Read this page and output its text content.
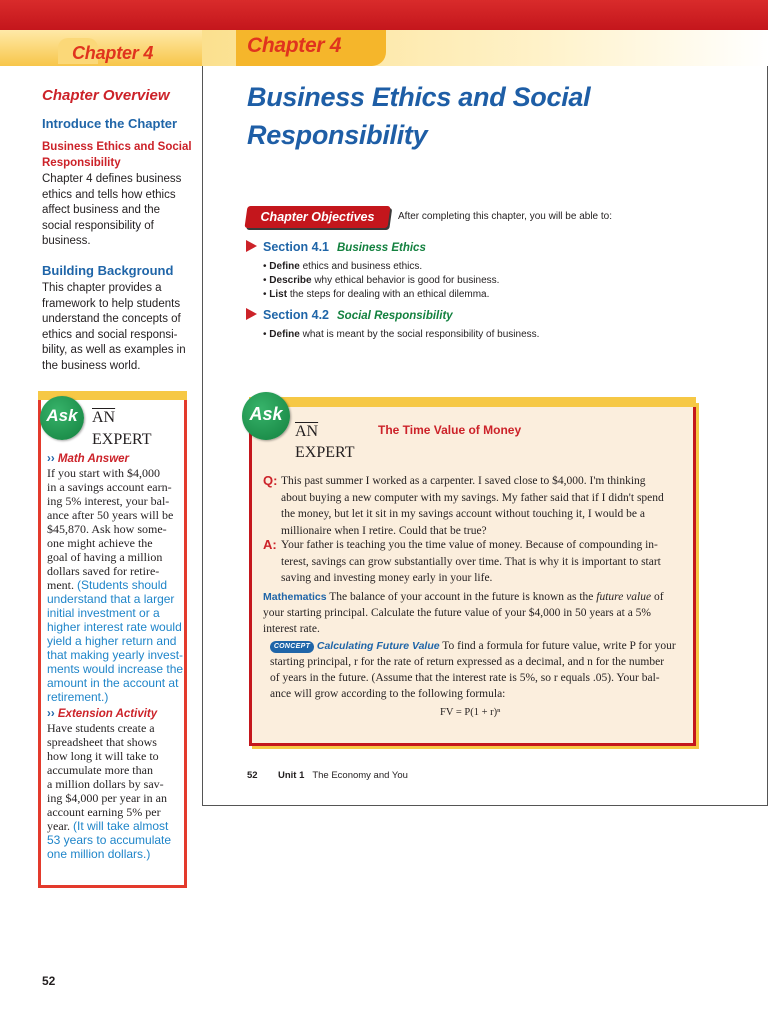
Chapter 4
Chapter Overview
Introduce the Chapter
Business Ethics and Social Responsibility
Chapter 4 defines business
ethics and tells how ethics
affect business and the
social responsibility of
business.
Building Background
This chapter provides a
framework to help students
understand the concepts of
ethics and social responsi-
bility, as well as examples in
the business world.
Ask $\overline{AN}$
EXPERT
›› Math Answer
If you start with $4,000
in a savings account earn-
ing 5% interest, your bal-
ance after 50 years will be
$45,870. Ask how some-
one might achieve the
goal of having a million
dollars saved for retire-
ment. (Students should
understand that a larger
initial investment or a
higher interest rate would
yield a higher return and
that making yearly invest-
ments would increase the
amount in the account at
retirement.)
›› Extension Activity
Have students create a
spreadsheet that shows
how long it will take to
accumulate more than
a million dollars by sav-
ing $4,000 per year in an
account earning 5% per
year. (It will take almost
53 years to accumulate
one million dollars.)
52
Chapter 4
Business Ethics and Social
Responsibility
Chapter Objectives	After completing this chapter, you will be able to:
Section 4.1 Business Ethics
• Define ethics and business ethics.
• Describe why ethical behavior is good for business.
• List the steps for dealing with an ethical dilemma.
Section 4.2 Social Responsibility
• Define what is meant by the social responsibility of business.
Ask
$\overline{AN}$
EXPERT
The Time Value of Money
Q: This past summer I worked as a carpenter. I saved close to $4,000. I'm thinking
about buying a new computer with my savings. My father said that if I didn't spend
the money, but let it sit in my savings account without touching it, I would be a
millionaire when I retire. Could that be true?
A: Your father is teaching you the time value of money. Because of compounding in-
terest, savings can grow substantially over time. That is why it is important to start
saving and investing money early in your life.
Mathematics The balance of your account in the future is known as the future value of
your starting principal. Calculate the future value of your $4,000 in 50 years at a 5%
interest rate.
CONCEPT Calculating Future Value To find a formula for future value, write P for your
starting principal, r for the rate of return expressed as a decimal, and n for the number
of years in the future. (Assume that the interest rate is 5%, so r equals .05). Your bal-
ance will grow according to the following formula:
FV = P(1 + r)ⁿ
52 Unit 1 The Economy and You
